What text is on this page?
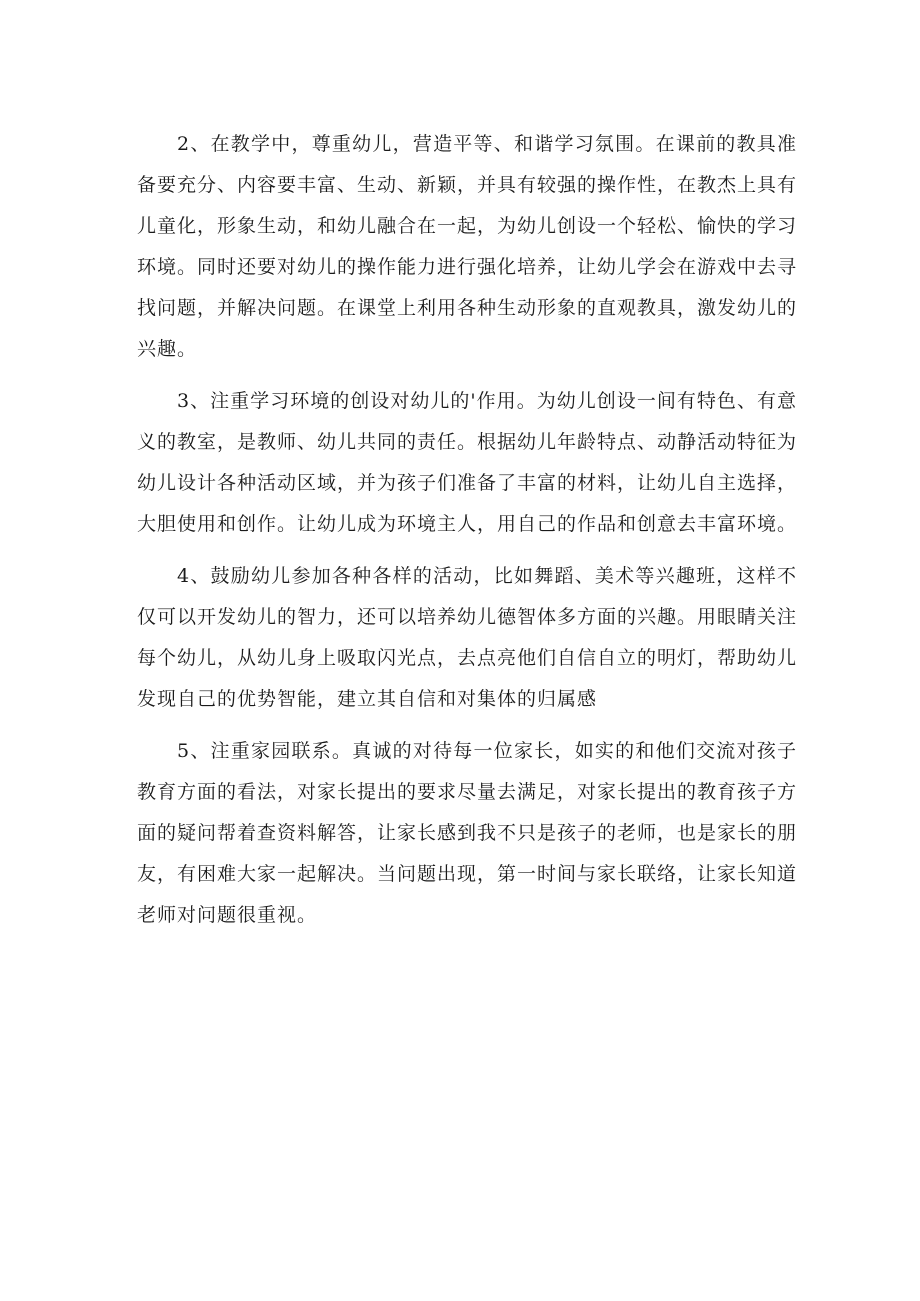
2、在教学中，尊重幼儿，营造平等、和谐学习氛围。在课前的教具准备要充分、内容要丰富、生动、新颖，并具有较强的操作性，在教杰上具有儿童化，形象生动，和幼儿融合在一起，为幼儿创设一个轻松、愉快的学习环境。同时还要对幼儿的操作能力进行强化培养，让幼儿学会在游戏中去寻找问题，并解决问题。在课堂上利用各种生动形象的直观教具，激发幼儿的兴趣。

3、注重学习环境的创设对幼儿的'作用。为幼儿创设一间有特色、有意义的教室，是教师、幼儿共同的责任。根据幼儿年龄特点、动静活动特征为幼儿设计各种活动区域，并为孩子们准备了丰富的材料，让幼儿自主选择，大胆使用和创作。让幼儿成为环境主人，用自己的作品和创意去丰富环境。

4、鼓励幼儿参加各种各样的活动，比如舞蹈、美术等兴趣班，这样不仅可以开发幼儿的智力，还可以培养幼儿德智体多方面的兴趣。用眼睛关注每个幼儿，从幼儿身上吸取闪光点，去点亮他们自信自立的明灯，帮助幼儿发现自己的优势智能，建立其自信和对集体的归属感

5、注重家园联系。真诚的对待每一位家长，如实的和他们交流对孩子教育方面的看法，对家长提出的要求尽量去满足，对家长提出的教育孩子方面的疑问帮着查资料解答，让家长感到我不只是孩子的老师，也是家长的朋友，有困难大家一起解决。当问题出现，第一时间与家长联络，让家长知道老师对问题很重视。
